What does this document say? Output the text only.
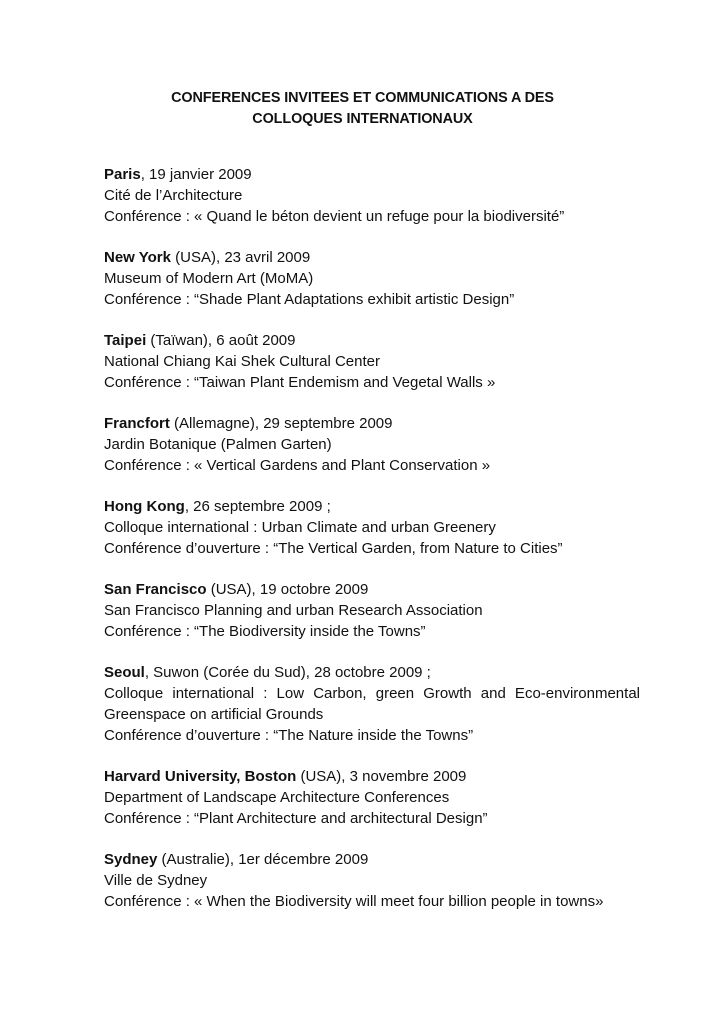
CONFERENCES INVITEES ET COMMUNICATIONS A DES
COLLOQUES INTERNATIONAUX
Paris, 19 janvier 2009
Cité de l’Architecture
Conférence : « Quand le béton devient un refuge pour la biodiversité”
New York (USA), 23 avril 2009
Museum of Modern Art (MoMA)
Conférence : “Shade Plant Adaptations exhibit artistic Design”
Taipei (Taïwan), 6 août 2009
National Chiang Kai Shek Cultural Center
Conférence : “Taiwan Plant Endemism and Vegetal Walls »
Francfort (Allemagne), 29 septembre 2009
Jardin Botanique (Palmen Garten)
Conférence : « Vertical Gardens and Plant Conservation »
Hong Kong, 26 septembre 2009 ;
Colloque international : Urban Climate and urban Greenery
Conférence d’ouverture : “The Vertical Garden, from Nature to Cities”
San Francisco (USA), 19 octobre 2009
San Francisco Planning and urban Research Association
Conférence : “The Biodiversity inside the Towns”
Seoul, Suwon (Corée du Sud), 28 octobre 2009 ;
Colloque international : Low Carbon, green Growth and Eco-environmental
Greenspace on artificial Grounds
Conférence d’ouverture : “The Nature inside the Towns”
Harvard University, Boston (USA), 3 novembre 2009
Department of Landscape Architecture Conferences
Conférence : “Plant Architecture and architectural Design”
Sydney (Australie), 1er décembre 2009
Ville de Sydney
Conférence : « When the Biodiversity will meet four billion people in towns»
